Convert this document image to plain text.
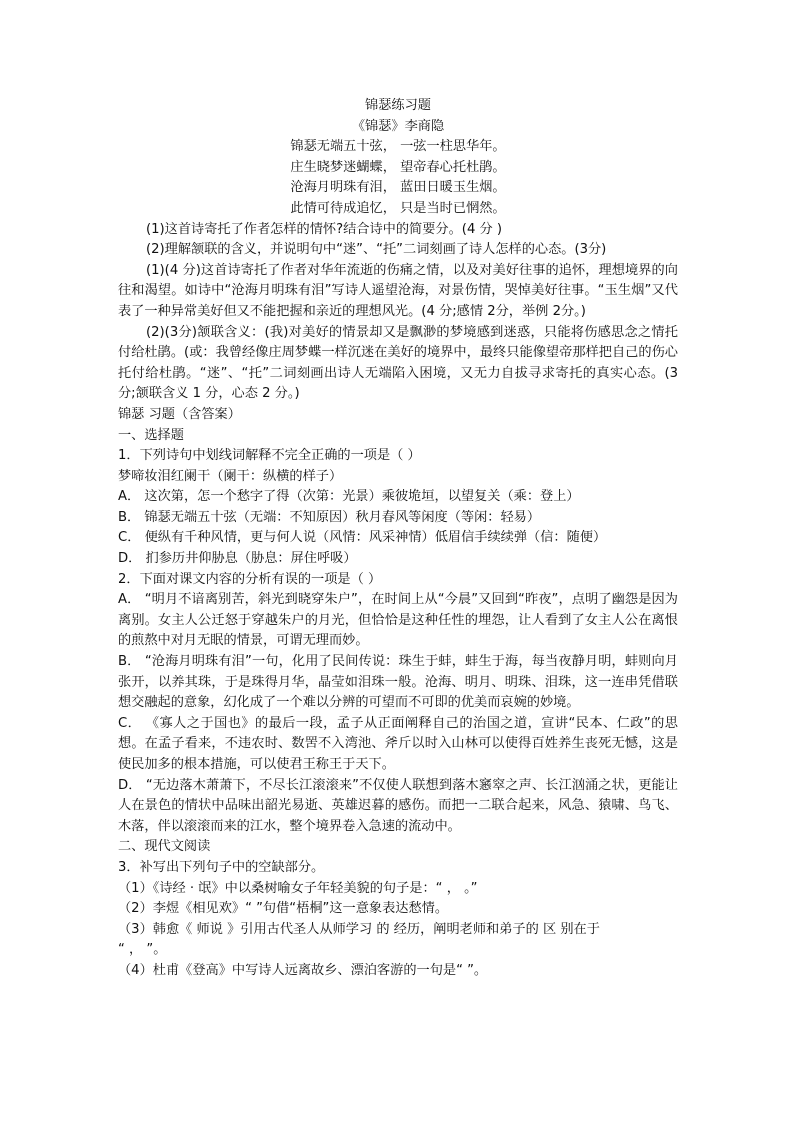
锦瑟练习题
《锦瑟》李商隐
锦瑟无端五十弦， 一弦一柱思华年。
庄生晓梦迷蝴蝶， 望帝春心托杜鹃。
沧海月明珠有泪， 蓝田日暖玉生烟。
此情可待成追忆， 只是当时已惘然。
(1)这首诗寄托了作者怎样的情怀?结合诗中的简要分。(4 分 )
(2)理解颔联的含义，并说明句中“迷”、“托”二词刻画了诗人怎样的心态。(3分)
(1)(4 分)这首诗寄托了作者对华年流逝的伤痛之情，以及对美好往事的追怀，理想境界的向往和渴望。如诗中“沧海月明珠有泪”写诗人遥望沧海，对景伤情，哭悼美好往事。“玉生烟”又代表了一种异常美好但又不能把握和亲近的理想风光。(4 分;感情 2分，举例 2分。)
(2)(3分)颔联含义：(我)对美好的情景却又是飘渺的梦境感到迷惑，只能将伤感思念之情托付给杜鹃。(或：我曾经像庄周梦蝶一样沉迷在美好的境界中，最终只能像望帝那样把自己的伤心托付给杜鹃。“迷”、“托”二词刻画出诗人无端陷入困境，又无力自拔寻求寄托的真实心态。(3 分;颔联含义 1 分，心态 2 分。)
锦瑟 习题（含答案）
一、选择题
1．下列诗句中划线词解释不完全正确的一项是（ ）
梦啼妆泪红阑干（阑干：纵横的样子）
A． 这次第，怎一个愁字了得（次第：光景）乘彼垝垣，以望复关（乘：登上）
B． 锦瑟无端五十弦（无端：不知原因）秋月春风等闲度（等闲：轻易）
C． 便纵有千种风情，更与何人说（风情：风采神情）低眉信手续续弹（信：随便）
D． 扪参历井仰胁息（胁息：屏住呼吸）
2．下面对课文内容的分析有误的一项是（ ）
A． “明月不谙离别苦，斜光到晓穿朱户”，在时间上从“今晨”又回到“昨夜”，点明了幽怨是因为离别。女主人公迁怒于穿越朱户的月光，但恰恰是这种任性的埋怨，让人看到了女主人公在离恨的煎熬中对月无眠的情景，可谓无理而妙。
B． “沧海月明珠有泪”一句，化用了民间传说：珠生于蚌，蚌生于海，每当夜静月明，蚌则向月张开，以养其珠，于是珠得月华，晶莹如泪珠一般。沧海、明月、明珠、泪珠，这一连串凭借联想交融起的意象，幻化成了一个难以分辨的可望而不可即的优美而哀婉的妙境。
C． 《寡人之于国也》的最后一段，孟子从正面阐释自己的治国之道，宣讲“民本、仁政”的思想。在孟子看来，不违农时、数罟不入湾池、斧斤以时入山林可以使得百姓养生丧死无憾，这是使民加多的根本措施，可以使君王称王于天下。
D． “无边落木萧萧下，不尽长江滚滚来”不仅使人联想到落木窸窣之声、长江汹涌之状，更能让人在景色的情状中品味出韶光易逝、英雄迟暮的感伤。而把一二联合起来，风急、猿啸、鸟飞、木落，伴以滚滚而来的江水，整个境界卷入急速的流动中。
二、现代文阅读
3．补写出下列句子中的空缺部分。
（1）《诗经 · 氓》中以桑树喻女子年轻美貌的句子是：“ ， 。”
（2）李煜《相见欢》“ ”句借“梧桐”这一意象表达愁情。
（3）韩愈《 师说 》引用古代圣人从师学习 的 经历，阐明老师和弟子的 区 别在于
“ ， ”。
（4）杜甫《登高》中写诗人远离故乡、漂泊客游的一句是“ ”。
